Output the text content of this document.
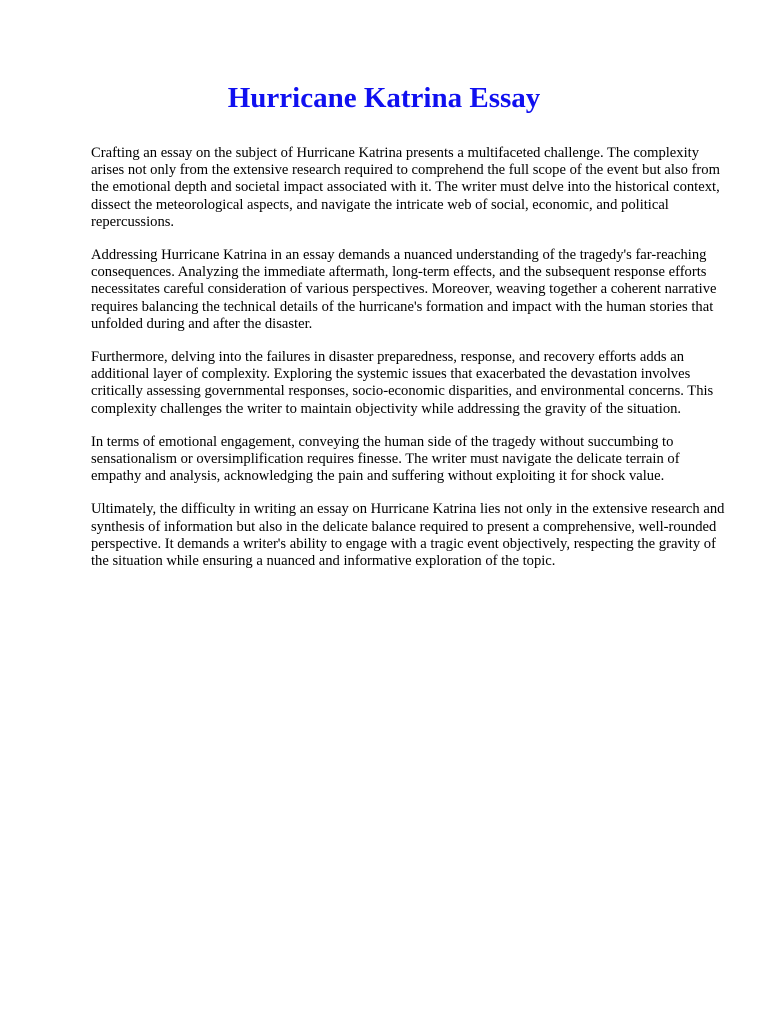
Hurricane Katrina Essay

Crafting an essay on the subject of Hurricane Katrina presents a multifaceted challenge. The complexity arises not only from the extensive research required to comprehend the full scope of the event but also from the emotional depth and societal impact associated with it. The writer must delve into the historical context, dissect the meteorological aspects, and navigate the intricate web of social, economic, and political repercussions.

Addressing Hurricane Katrina in an essay demands a nuanced understanding of the tragedy's far-reaching consequences. Analyzing the immediate aftermath, long-term effects, and the subsequent response efforts necessitates careful consideration of various perspectives. Moreover, weaving together a coherent narrative requires balancing the technical details of the hurricane's formation and impact with the human stories that unfolded during and after the disaster.

Furthermore, delving into the failures in disaster preparedness, response, and recovery efforts adds an additional layer of complexity. Exploring the systemic issues that exacerbated the devastation involves critically assessing governmental responses, socio-economic disparities, and environmental concerns. This complexity challenges the writer to maintain objectivity while addressing the gravity of the situation.

In terms of emotional engagement, conveying the human side of the tragedy without succumbing to sensationalism or oversimplification requires finesse. The writer must navigate the delicate terrain of empathy and analysis, acknowledging the pain and suffering without exploiting it for shock value.

Ultimately, the difficulty in writing an essay on Hurricane Katrina lies not only in the extensive research and synthesis of information but also in the delicate balance required to present a comprehensive, well-rounded perspective. It demands a writer's ability to engage with a tragic event objectively, respecting the gravity of the situation while ensuring a nuanced and informative exploration of the topic.
